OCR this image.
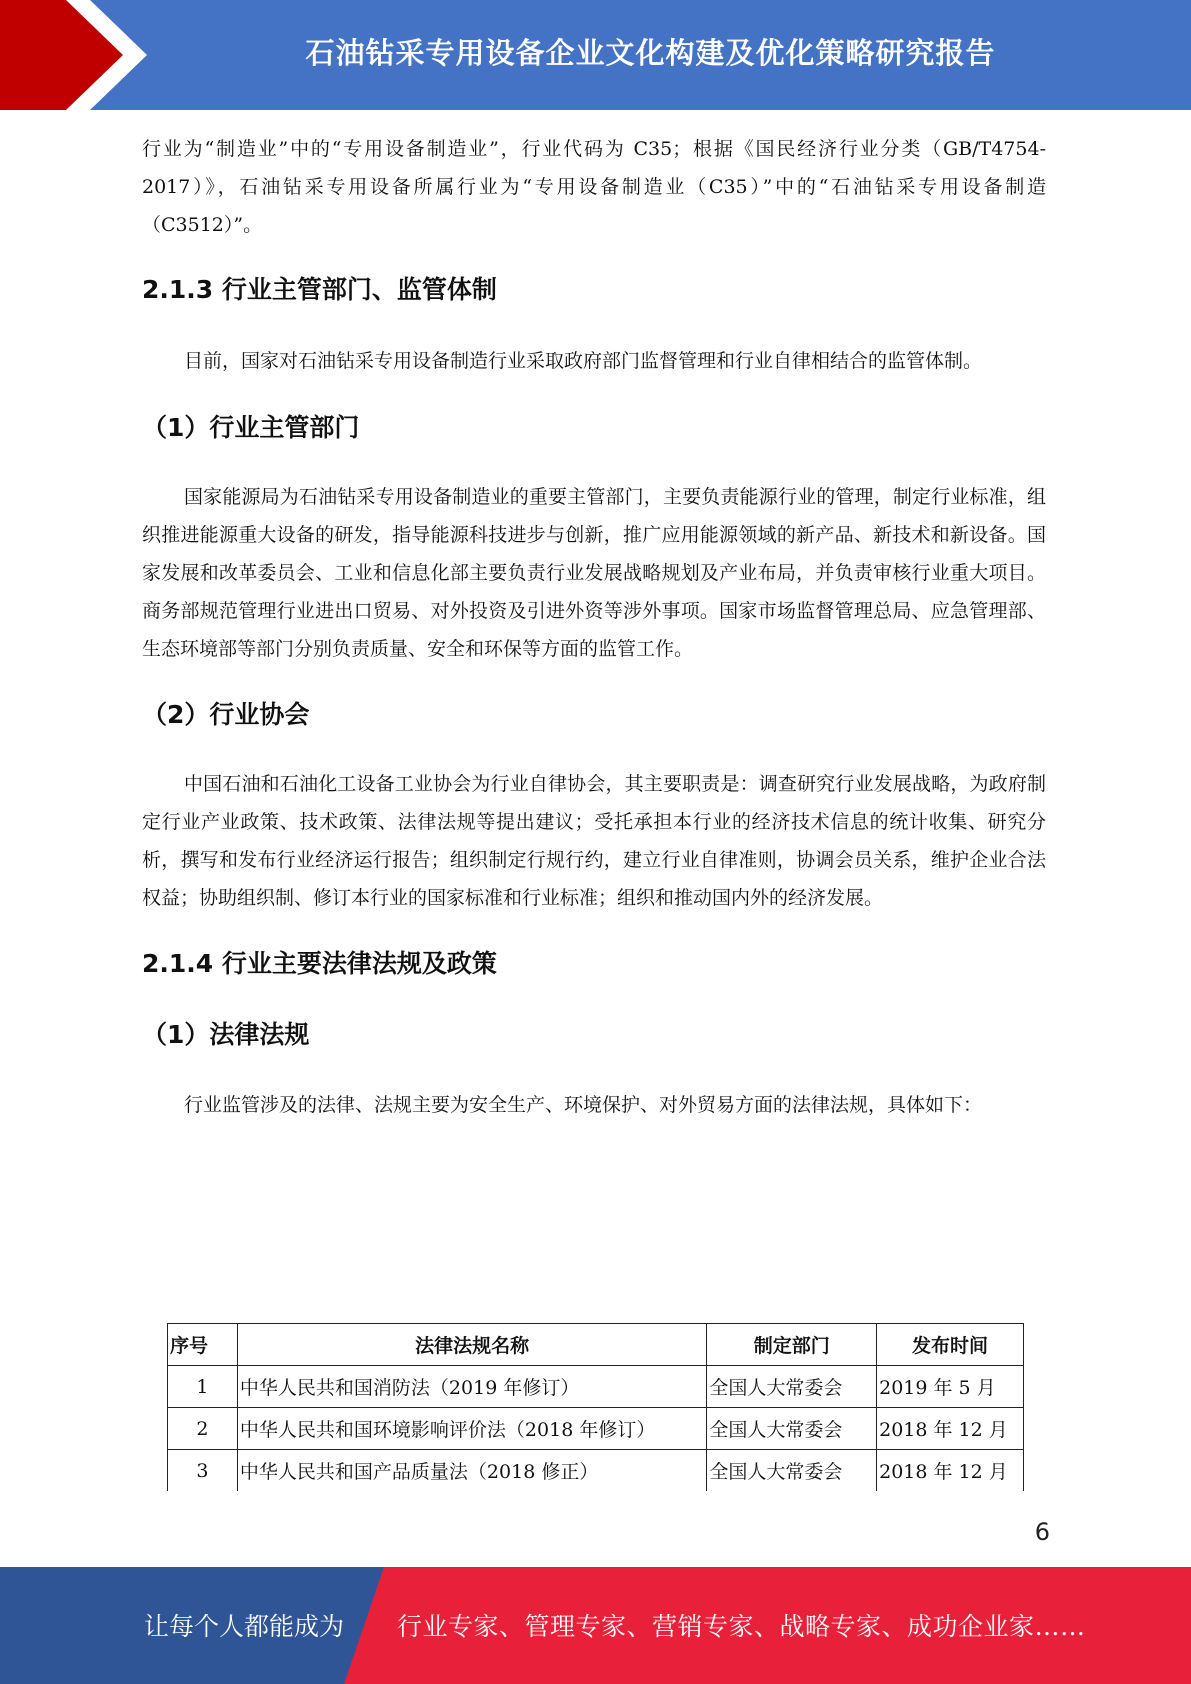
石油钻采专用设备企业文化构建及优化策略研究报告

行业为“制造业”中的“专用设备制造业”，行业代码为 C35；根据《国民经济行业分类（GB/T4754-2017）》，石油钻采专用设备所属行业为“专用设备制造业（C35）”中的“石油钻采专用设备制造（C3512）”。

2.1.3 行业主管部门、监管体制

目前，国家对石油钻采专用设备制造行业采取政府部门监督管理和行业自律相结合的监管体制。

（1）行业主管部门

国家能源局为石油钻采专用设备制造业的重要主管部门，主要负责能源行业的管理，制定行业标准，组织推进能源重大设备的研发，指导能源科技进步与创新，推广应用能源领域的新产品、新技术和新设备。国家发展和改革委员会、工业和信息化部主要负责行业发展战略规划及产业布局，并负责审核行业重大项目。商务部规范管理行业进出口贸易、对外投资及引进外资等涉外事项。国家市场监督管理总局、应急管理部、生态环境部等部门分别负责质量、安全和环保等方面的监管工作。

（2）行业协会

中国石油和石油化工设备工业协会为行业自律协会，其主要职责是：调查研究行业发展战略，为政府制定行业产业政策、技术政策、法律法规等提出建议；受托承担本行业的经济技术信息的统计收集、研究分析，撰写和发布行业经济运行报告；组织制定行规行约，建立行业自律准则，协调会员关系，维护企业合法权益；协助组织制、修订本行业的国家标准和行业标准；组织和推动国内外的经济发展。

2.1.4 行业主要法律法规及政策
（1）法律法规

行业监管涉及的法律、法规主要为安全生产、环境保护、对外贸易方面的法律法规，具体如下：

序号	法律法规名称	制定部门	发布时间
1	中华人民共和国消防法（2019 年修订）	全国人大常委会	2019 年 5 月
2	中华人民共和国环境影响评价法（2018 年修订）	全国人大常委会	2018 年 12 月
3	中华人民共和国产品质量法（2018 修正）	全国人大常委会	2018 年 12 月
6
让每个人都能成为 行业专家、管理专家、营销专家、战略专家、成功企业家……
